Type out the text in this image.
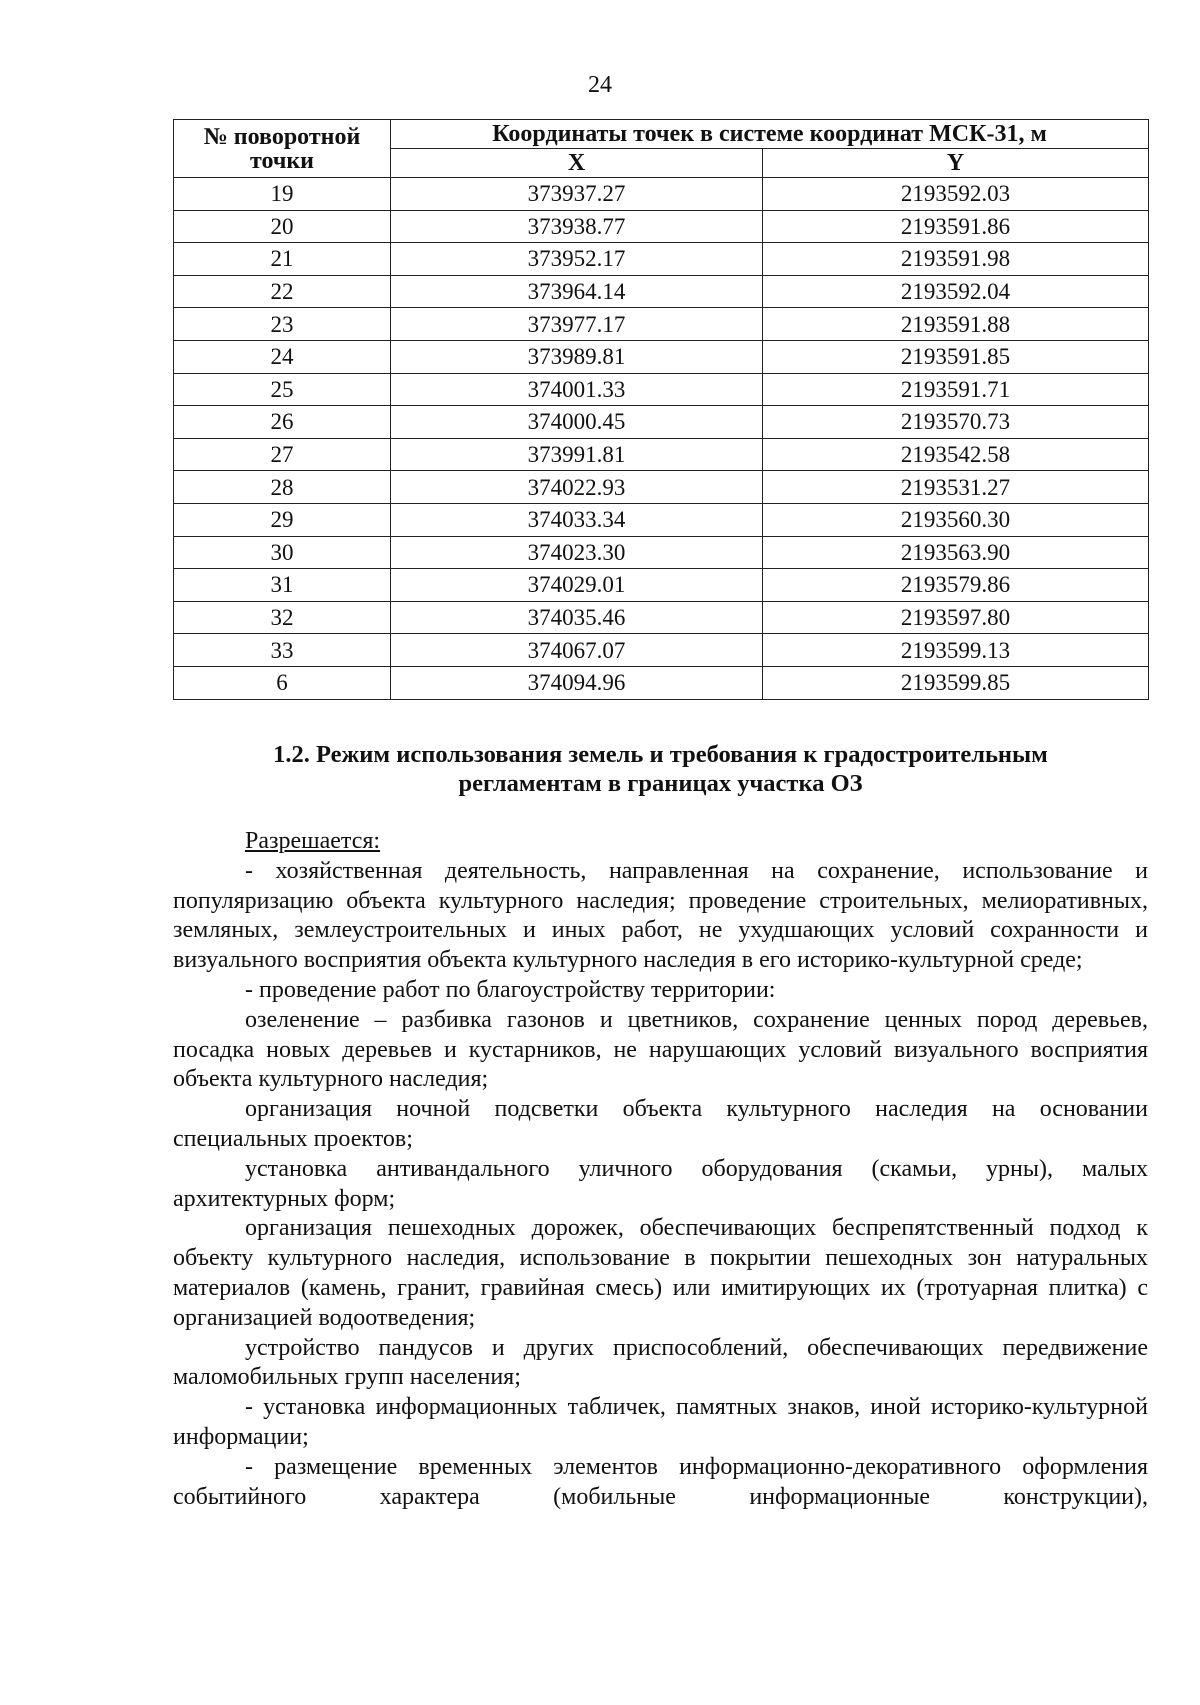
24
№ поворотной точки	Координаты точек в системе координат МСК-31, м	
	X	Y
19	373937.27	2193592.03
20	373938.77	2193591.86
21	373952.17	2193591.98
22	373964.14	2193592.04
23	373977.17	2193591.88
24	373989.81	2193591.85
25	374001.33	2193591.71
26	374000.45	2193570.73
27	373991.81	2193542.58
28	374022.93	2193531.27
29	374033.34	2193560.30
30	374023.30	2193563.90
31	374029.01	2193579.86
32	374035.46	2193597.80
33	374067.07	2193599.13
6	374094.96	2193599.85
1.2. Режим использования земель и требования к градостроительным
регламентам в границах участка ОЗ

Разрешается:

- хозяйственная деятельность, направленная на сохранение, использование и популяризацию объекта культурного наследия; проведение строительных, мелиоративных, земляных, землеустроительных и иных работ, не ухудшающих условий сохранности и визуального восприятия объекта культурного наследия в его историко-культурной среде;

- проведение работ по благоустройству территории:

озеленение – разбивка газонов и цветников, сохранение ценных пород деревьев, посадка новых деревьев и кустарников, не нарушающих условий визуального восприятия объекта культурного наследия;

организация ночной подсветки объекта культурного наследия на основании специальных проектов;

установка антивандального уличного оборудования (скамьи, урны), малых архитектурных форм;

организация пешеходных дорожек, обеспечивающих беспрепятственный подход к объекту культурного наследия, использование в покрытии пешеходных зон натуральных материалов (камень, гранит, гравийная смесь) или имитирующих их (тротуарная плитка) с организацией водоотведения;

устройство пандусов и других приспособлений, обеспечивающих передвижение маломобильных групп населения;

- установка информационных табличек, памятных знаков, иной историко-культурной информации;

- размещение временных элементов информационно-декоративного оформления событийного характера (мобильные информационные конструкции),
